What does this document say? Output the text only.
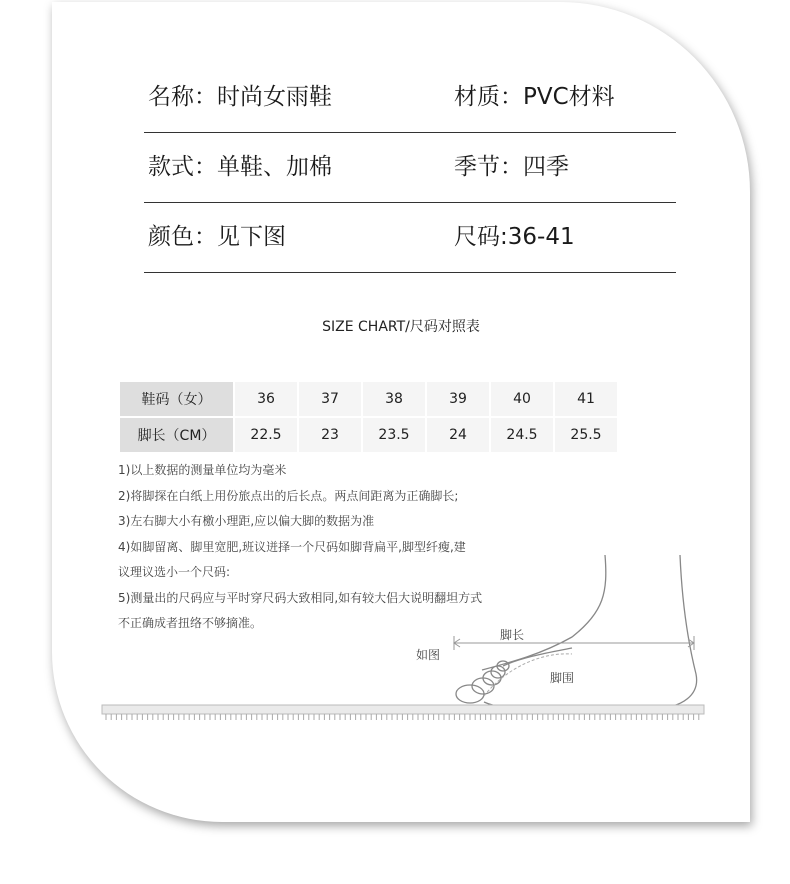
名称：时尚女雨鞋	材质：PVC材料
款式：单鞋、加棉	季节：四季
颜色：见下图	尺码:36-41
SIZE CHART/尺码对照表
鞋码（女）	36	37	38	39	40	41
脚长（CM）	22.5	23	23.5	24	24.5	25.5
1)以上数据的测量单位均为毫米
2)将脚探在白纸上用份旅点出的后长点。两点间距离为正确脚长;
3)左右脚大小有檄小理距,应以偏大脚的数据为准
4)如脚留离、脚里宽肥,班议迸择一个尺码如脚背扁平,脚型纤瘦,建
议理议选小一个尺码:
5)测量出的尺码应与平时穿尺码大致相同,如有较大侣大说明翻坦方式
不正确成者扭络不够摘准。
如图
脚长
脚围
